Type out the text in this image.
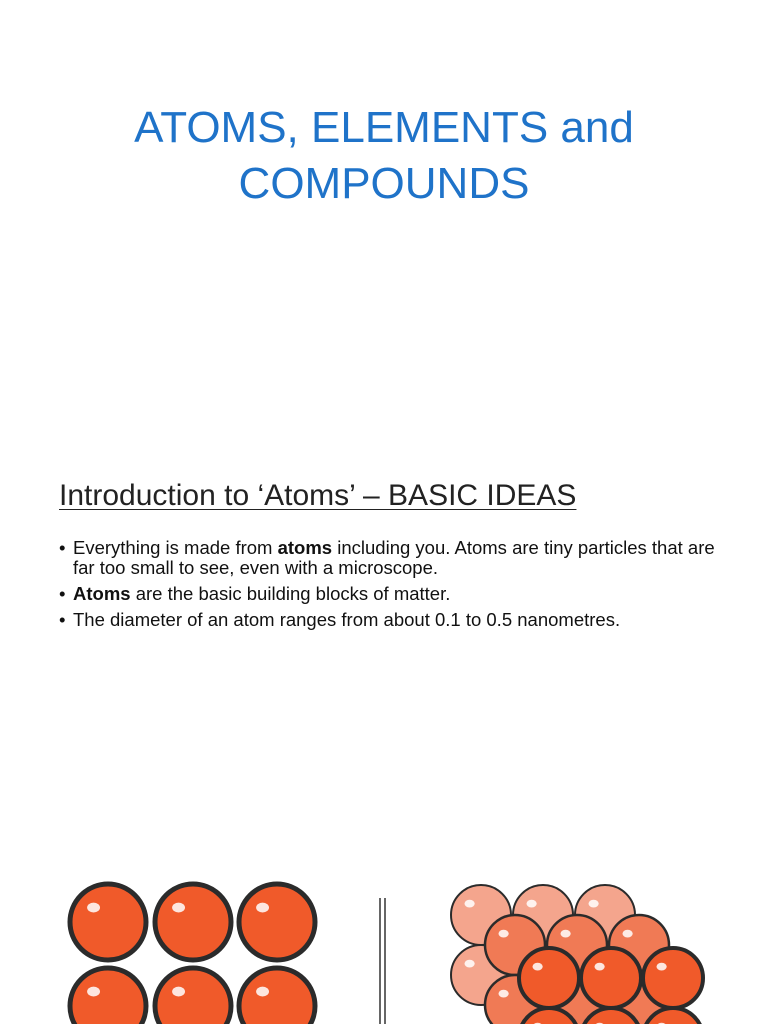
ATOMS, ELEMENTS and
COMPOUNDS
Introduction to ‘Atoms’ – BASIC IDEAS
• Everything is made from atoms including you. Atoms are tiny particles that are far too small to see, even with a microscope.
• Atoms are the basic building blocks of matter.
• The diameter of an atom ranges from about 0.1 to 0.5 nanometres.
